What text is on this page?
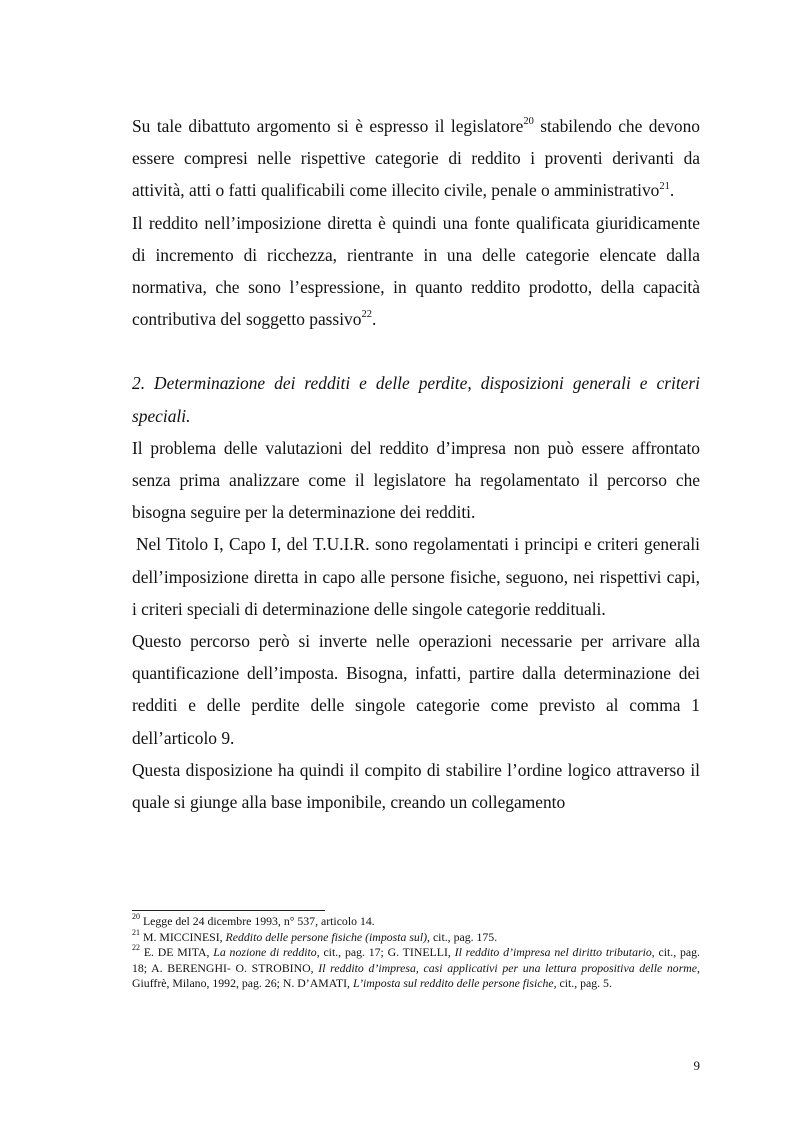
Su tale dibattuto argomento si è espresso il legislatore$^{20}$ stabilendo che devono essere compresi nelle rispettive categorie di reddito i proventi derivanti da attività, atti o fatti qualificabili come illecito civile, penale o amministrativo$^{21}$.

Il reddito nell’imposizione diretta è quindi una fonte qualificata giuridicamente di incremento di ricchezza, rientrante in una delle categorie elencate dalla normativa, che sono l’espressione, in quanto reddito prodotto, della capacità contributiva del soggetto passivo$^{22}$.

2. Determinazione dei redditi e delle perdite, disposizioni generali e criteri speciali.

Il problema delle valutazioni del reddito d’impresa non può essere affrontato senza prima analizzare come il legislatore ha regolamentato il percorso che bisogna seguire per la determinazione dei redditi.

Nel Titolo I, Capo I, del T.U.I.R. sono regolamentati i principi e criteri generali dell’imposizione diretta in capo alle persone fisiche, seguono, nei rispettivi capi, i criteri speciali di determinazione delle singole categorie reddituali.

Questo percorso però si inverte nelle operazioni necessarie per arrivare alla quantificazione dell’imposta. Bisogna, infatti, partire dalla determinazione dei redditi e delle perdite delle singole categorie come previsto al comma 1 dell’articolo 9.

Questa disposizione ha quindi il compito di stabilire l’ordine logico attraverso il quale si giunge alla base imponibile, creando un collegamento

$^{20}$ Legge del 24 dicembre 1993, n° 537, articolo 14.

$^{21}$ M. MICCINESI, Reddito delle persone fisiche (imposta sul), cit., pag. 175.

$^{22}$ E. DE MITA, La nozione di reddito, cit., pag. 17; G. TINELLI, Il reddito d’impresa nel diritto tributario, cit., pag. 18; A. BERENGHI- O. STROBINO, Il reddito d’impresa, casi applicativi per una lettura propositiva delle norme, Giuffrè, Milano, 1992, pag. 26; N. D’AMATI, L’imposta sul reddito delle persone fisiche, cit., pag. 5.

9
